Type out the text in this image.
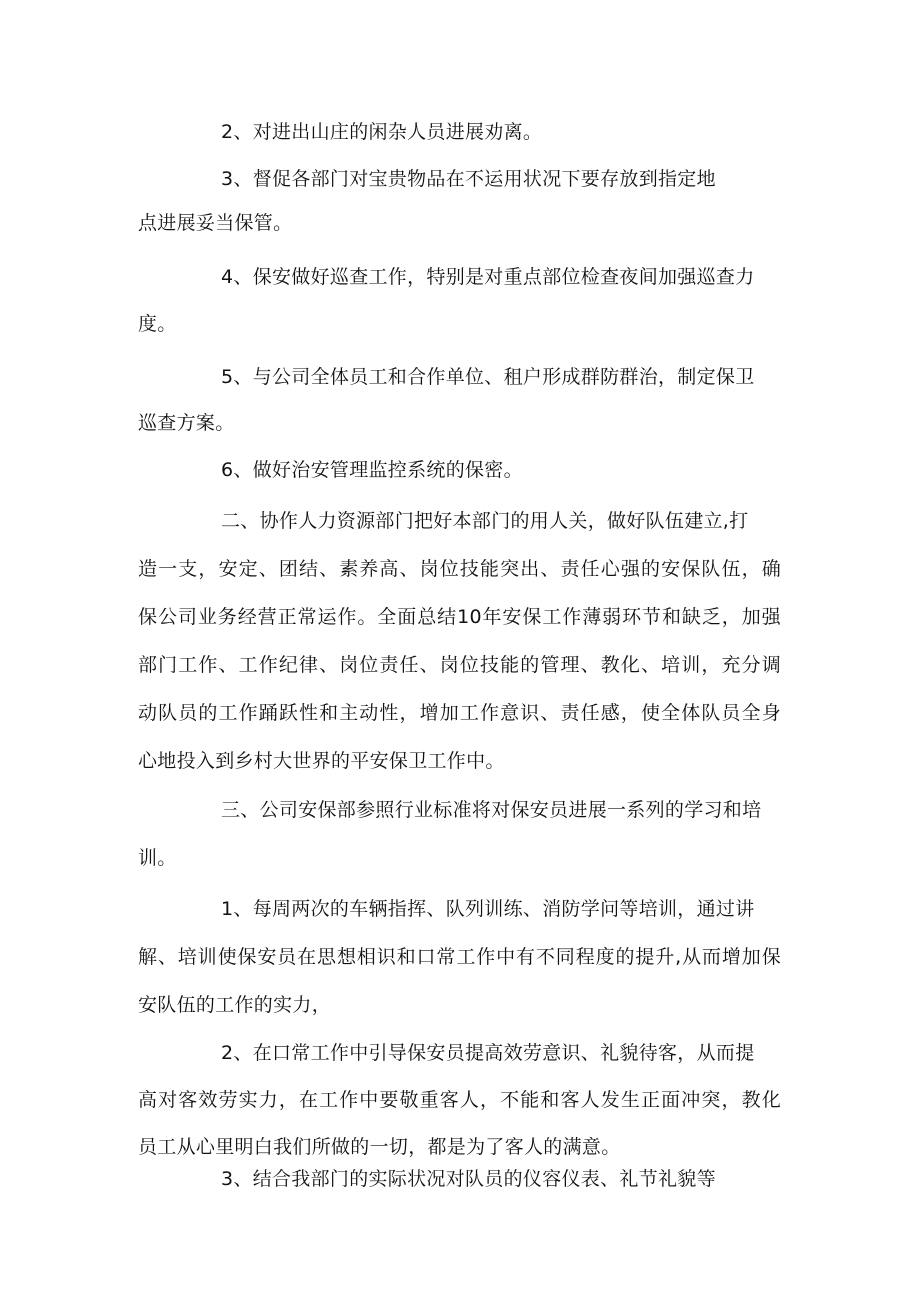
2、对进出山庄的闲杂人员进展劝离。

3、督促各部门对宝贵物品在不运用状况下要存放到指定地

点进展妥当保管。

4、保安做好巡查工作，特别是对重点部位检查夜间加强巡查力

度。

5、与公司全体员工和合作单位、租户形成群防群治，制定保卫

巡查方案。

6、做好治安管理监控系统的保密。

二、协作人力资源部门把好本部门的用人关，做好队伍建立,打

造一支，安定、团结、素养高、岗位技能突出、责任心强的安保队伍，确

保公司业务经营正常运作。全面总结10年安保工作薄弱环节和缺乏，加强

部门工作、工作纪律、岗位责任、岗位技能的管理、教化、培训，充分调

动队员的工作踊跃性和主动性，增加工作意识、责任感，使全体队员全身

心地投入到乡村大世界的平安保卫工作中。

三、公司安保部参照行业标准将对保安员进展一系列的学习和培

训。

1、每周两次的车辆指挥、队列训练、消防学问等培训，通过讲

解、培训使保安员在思想相识和口常工作中有不同程度的提升,从而增加保

安队伍的工作的实力，

2、在口常工作中引导保安员提高效劳意识、礼貌待客，从而提

高对客效劳实力，在工作中要敬重客人，不能和客人发生正面冲突，教化

员工从心里明白我们所做的一切，都是为了客人的满意。

3、结合我部门的实际状况对队员的仪容仪表、礼节礼貌等
